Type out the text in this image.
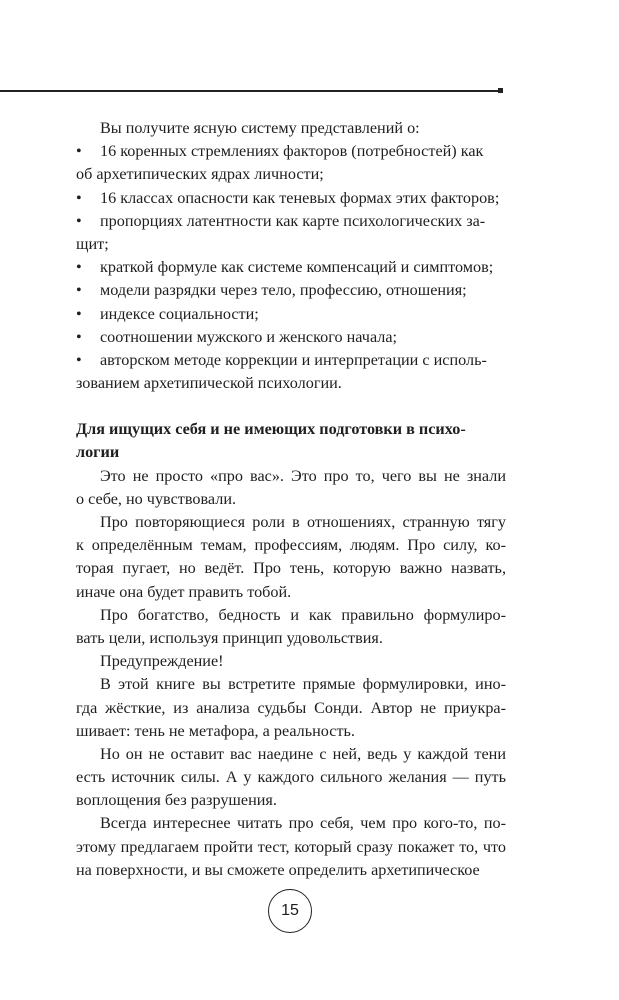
Вы получите ясную систему представлений о:
• 16 коренных стремлениях факторов (потребностей) как
об архетипических ядрах личности;
• 16 классах опасности как теневых формах этих факторов;
• пропорциях латентности как карте психологических за-
щит;
• краткой формуле как системе компенсаций и симптомов;
• модели разрядки через тело, профессию, отношения;
• индексе социальности;
• соотношении мужского и женского начала;
• авторском методе коррекции и интерпретации с исполь-
зованием архетипической психологии.
Для ищущих себя и не имеющих подготовки в психо-
логии
Это не просто «про вас». Это про то, чего вы не знали
о себе, но чувствовали.
Про повторяющиеся роли в отношениях, странную тягу
к определённым темам, профессиям, людям. Про силу, ко-
торая пугает, но ведёт. Про тень, которую важно назвать,
иначе она будет править тобой.
Про богатство, бедность и как правильно формулиро-
вать цели, используя принцип удовольствия.
Предупреждение!
В этой книге вы встретите прямые формулировки, ино-
гда жёсткие, из анализа судьбы Сонди. Автор не приукра-
шивает: тень не метафора, а реальность.
Но он не оставит вас наедине с ней, ведь у каждой тени
есть источник силы. А у каждого сильного желания — путь
воплощения без разрушения.
Всегда интереснее читать про себя, чем про кого-то, по-
этому предлагаем пройти тест, который сразу покажет то, что
на поверхности, и вы сможете определить архетипическое
15
